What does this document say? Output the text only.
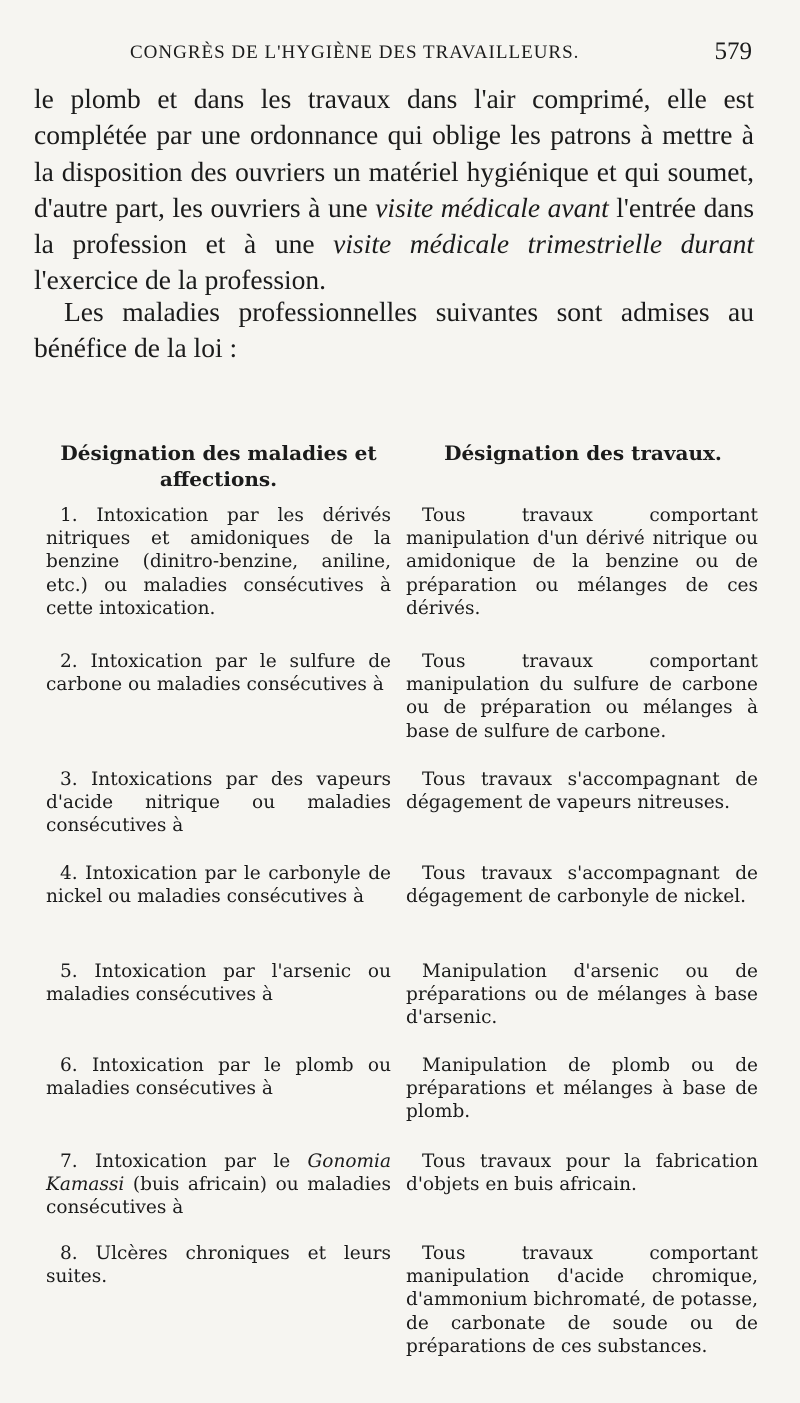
CONGRÈS DE L'HYGIÈNE DES TRAVAILLEURS.	579

le plomb et dans les travaux dans l'air comprimé, elle est complétée par une ordonnance qui oblige les patrons à mettre à la disposition des ouvriers un matériel hygiénique et qui soumet, d'autre part, les ouvriers à une visite médicale avant l'entrée dans la profession et à une visite médicale trimestrielle durant l'exercice de la profession.

Les maladies professionnelles suivantes sont admises au bénéfice de la loi :

Désignation des maladies et affections.
Désignation des travaux.
1. Intoxication par les dérivés nitriques et amidoniques de la benzine (dinitro-benzine, aniline, etc.) ou maladies consécutives à cette intoxication.
Tous travaux comportant manipulation d'un dérivé nitrique ou amidonique de la benzine ou de préparation ou mélanges de ces dérivés.
2. Intoxication par le sulfure de carbone ou maladies consécutives à
Tous travaux comportant manipulation du sulfure de carbone ou de préparation ou mélanges à base de sulfure de carbone.
3. Intoxications par des vapeurs d'acide nitrique ou maladies consécutives à
Tous travaux s'accompagnant de dégagement de vapeurs nitreuses.
4. Intoxication par le carbonyle de nickel ou maladies consécutives à
Tous travaux s'accompagnant de dégagement de carbonyle de nickel.
5. Intoxication par l'arsenic ou maladies consécutives à
Manipulation d'arsenic ou de préparations ou de mélanges à base d'arsenic.
6. Intoxication par le plomb ou maladies consécutives à
Manipulation de plomb ou de préparations et mélanges à base de plomb.
7. Intoxication par le Gonomia Kamassi (buis africain) ou maladies consécutives à
Tous travaux pour la fabrication d'objets en buis africain.
8. Ulcères chroniques et leurs suites.
Tous travaux comportant manipulation d'acide chromique, d'ammonium bichromaté, de potasse, de carbonate de soude ou de préparations de ces substances.
